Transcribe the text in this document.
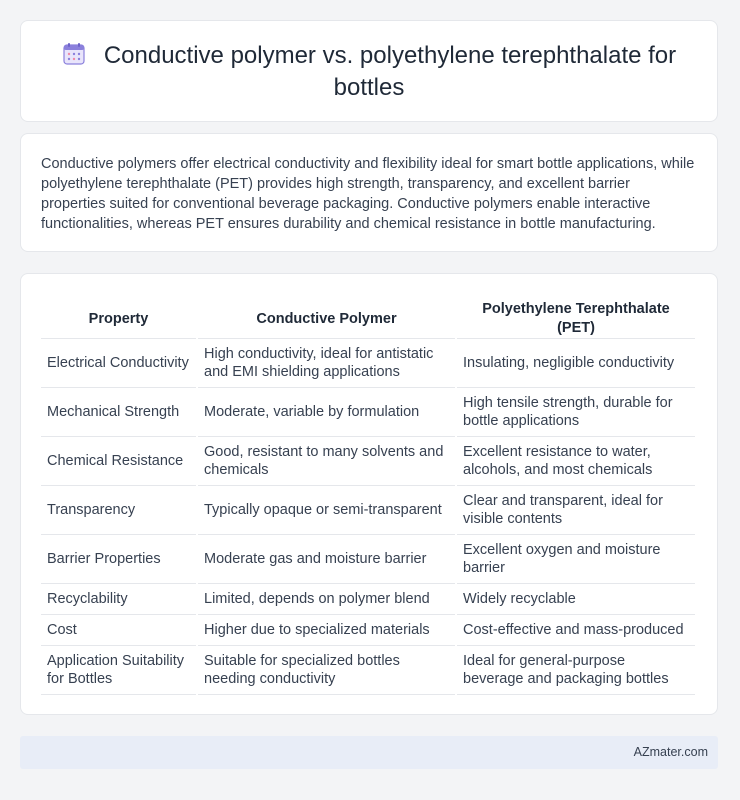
Conductive polymer vs. polyethylene terephthalate for bottles

Conductive polymers offer electrical conductivity and flexibility ideal for smart bottle applications, while polyethylene terephthalate (PET) provides high strength, transparency, and excellent barrier properties suited for conventional beverage packaging. Conductive polymers enable interactive functionalities, whereas PET ensures durability and chemical resistance in bottle manufacturing.

Property	Conductive Polymer	Polyethylene Terephthalate (PET)
Electrical Conductivity	High conductivity, ideal for antistatic and EMI shielding applications	Insulating, negligible conductivity
Mechanical Strength	Moderate, variable by formulation	High tensile strength, durable for bottle applications
Chemical Resistance	Good, resistant to many solvents and chemicals	Excellent resistance to water, alcohols, and most chemicals
Transparency	Typically opaque or semi-transparent	Clear and transparent, ideal for visible contents
Barrier Properties	Moderate gas and moisture barrier	Excellent oxygen and moisture barrier
Recyclability	Limited, depends on polymer blend	Widely recyclable
Cost	Higher due to specialized materials	Cost-effective and mass-produced
Application Suitability for Bottles	Suitable for specialized bottles needing conductivity	Ideal for general-purpose beverage and packaging bottles
AZmater.com
